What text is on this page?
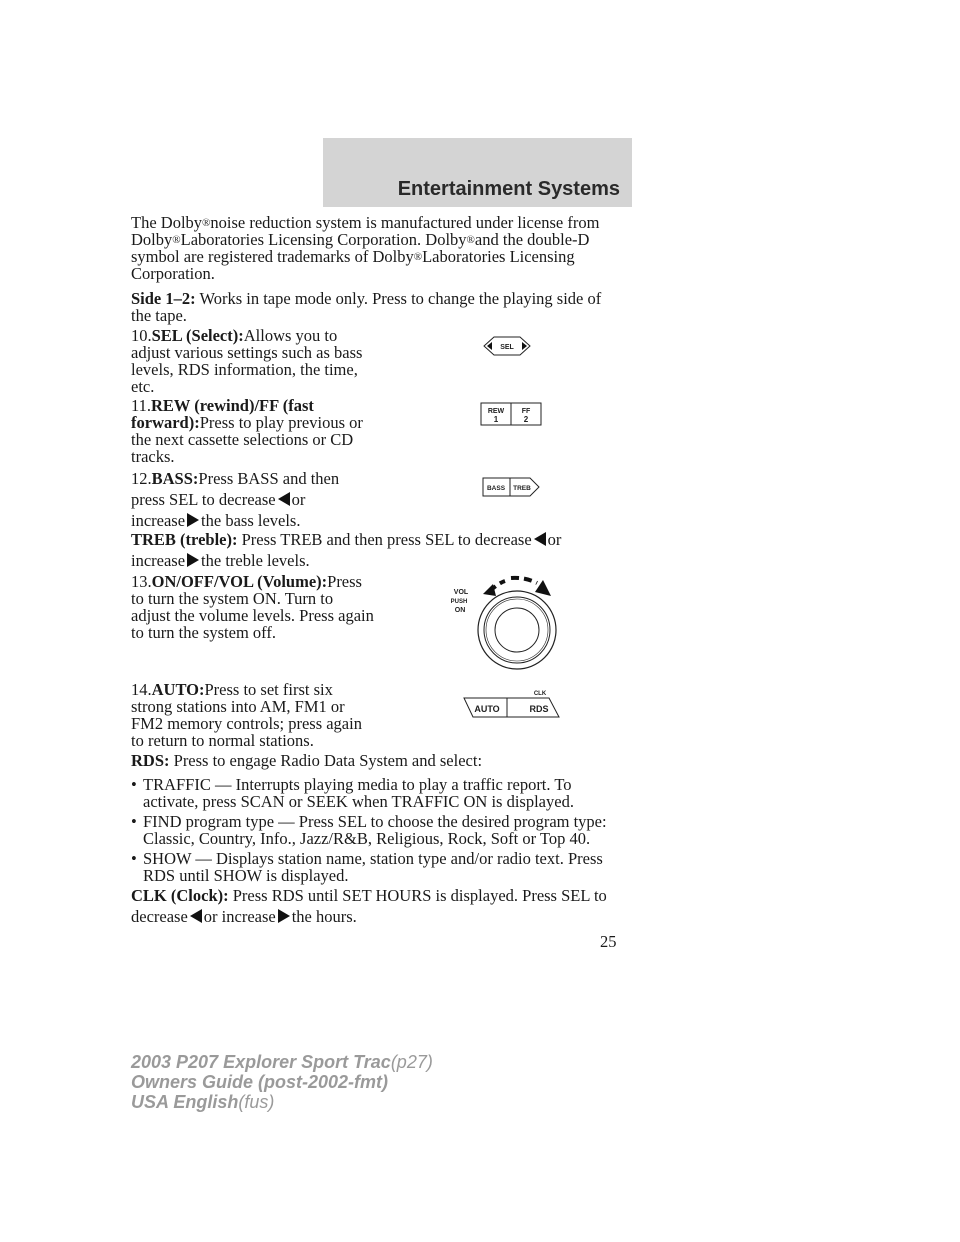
Entertainment Systems
The Dolby®noise reduction system is manufactured under license from
Dolby®Laboratories Licensing Corporation. Dolby®and the double-D
symbol are registered trademarks of Dolby®Laboratories Licensing
Corporation.
Side 1–2: Works in tape mode only. Press to change the playing side of
the tape.
10.SEL (Select):Allows you to
adjust various settings such as bass
levels, RDS information, the time,
etc.
SEL
11.REW (rewind)/FF (fast
forward):Press to play previous or
the next cassette selections or CD
tracks.
REW
1
FF
2
12.BASS:Press BASS and then
press SEL to decrease or
increase the bass levels.
BASS TREB
TREB (treble): Press TREB and then press SEL to decrease or
increase the treble levels.
13.ON/OFF/VOL (Volume):Press
to turn the system ON. Turn to
adjust the volume levels. Press again
to turn the system off.
VOL
PUSH
ON
14.AUTO:Press to set first six
strong stations into AM, FM1 or
FM2 memory controls; press again
to return to normal stations.
CLK
AUTO	RDS
RDS: Press to engage Radio Data System and select:
• TRAFFIC — Interrupts playing media to play a traffic report. To
activate, press SCAN or SEEK when TRAFFIC ON is displayed.
• FIND program type — Press SEL to choose the desired program type:
Classic, Country, Info., Jazz/R&B, Religious, Rock, Soft or Top 40.
• SHOW — Displays station name, station type and/or radio text. Press
RDS until SHOW is displayed.
CLK (Clock): Press RDS until SET HOURS is displayed. Press SEL to
decrease or increase the hours.
25
2003 P207 Explorer Sport Trac(p27)
Owners Guide (post-2002-fmt)
USA English(fus)
